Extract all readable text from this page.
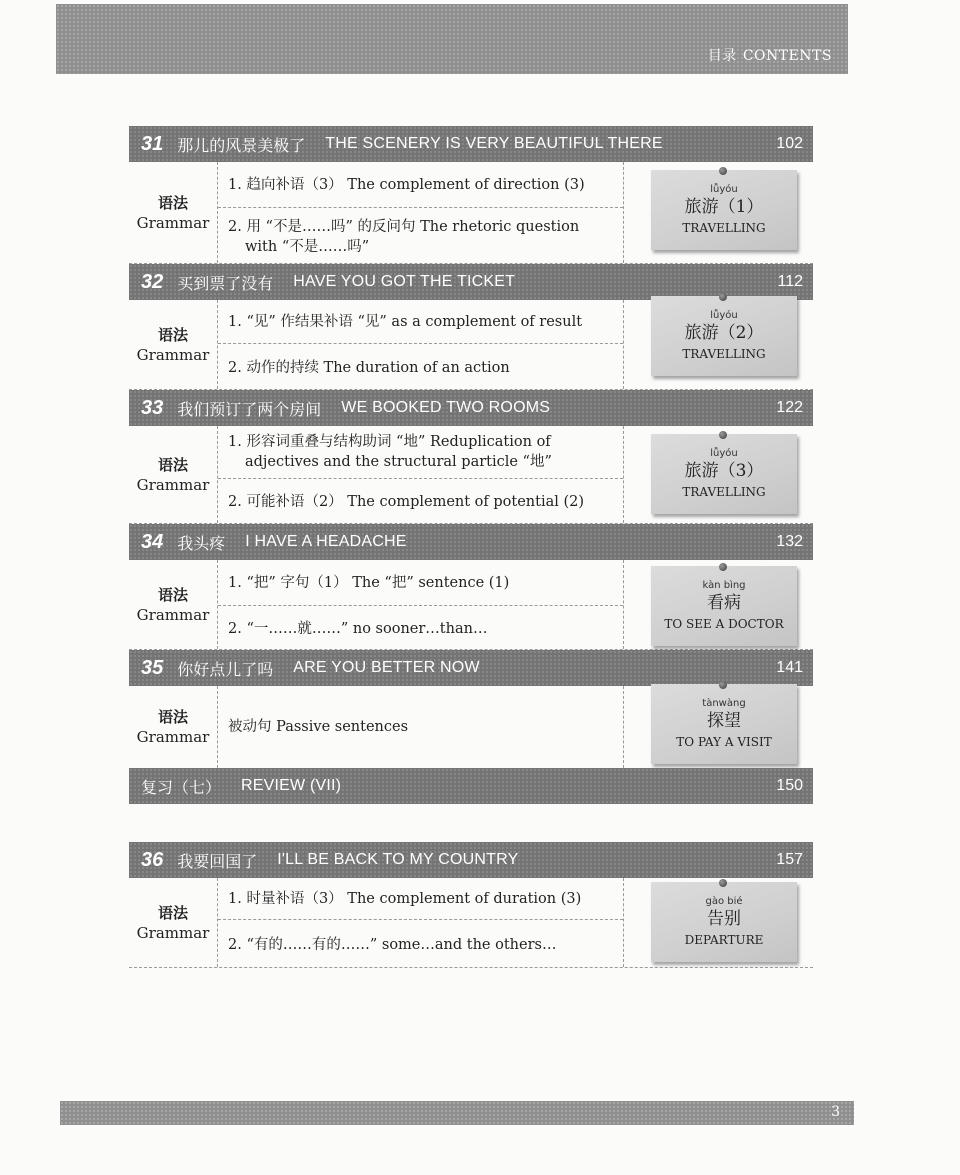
目录 CONTENTS
31 那儿的风景美极了 THE SCENERY IS VERY BEAUTIFUL THERE	102
语法
Grammar
1. 趋向补语（3） The complement of direction (3)
2. 用 “不是……吗” 的反问句 The rhetoric question with “不是……吗”
lǚyóu
旅游（1）
TRAVELLING
32 买到票了没有 HAVE YOU GOT THE TICKET	112
语法
Grammar
1. “见” 作结果补语 “见” as a complement of result
2. 动作的持续 The duration of an action
lǚyóu
旅游（2）
TRAVELLING
33 我们预订了两个房间 WE BOOKED TWO ROOMS	122
语法
Grammar
1. 形容词重叠与结构助词 “地” Reduplication of adjectives and the structural particle “地”
2. 可能补语（2） The complement of potential (2)
lǚyóu
旅游（3）
TRAVELLING
34 我头疼 I HAVE A HEADACHE	132
语法
Grammar
1. “把” 字句（1） The “把” sentence (1)
2. “一……就……” no sooner…than…
kàn bìng
看病
TO SEE A DOCTOR
35 你好点儿了吗 ARE YOU BETTER NOW	141
语法
Grammar
被动句 Passive sentences
tànwàng
探望
TO PAY A VISIT
复习（七） REVIEW (VII)	150
36 我要回国了 I'LL BE BACK TO MY COUNTRY	157
语法
Grammar
1. 时量补语（3） The complement of duration (3)
2. “有的……有的……” some…and the others…
gào bié
告别
DEPARTURE
3
